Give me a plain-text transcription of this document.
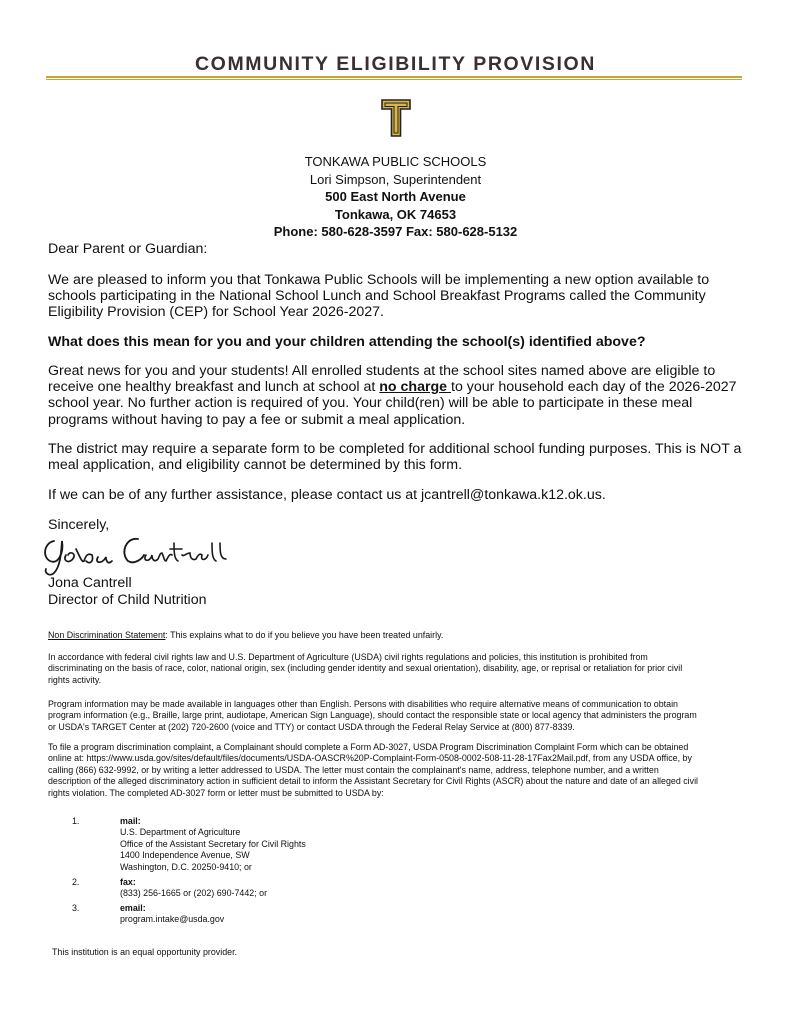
COMMUNITY ELIGIBILITY PROVISION
TONKAWA PUBLIC SCHOOLS
Lori Simpson, Superintendent
500 East North Avenue
Tonkawa, OK 74653
Phone: 580-628-3597 Fax: 580-628-5132
Dear Parent or Guardian:
We are pleased to inform you that Tonkawa Public Schools will be implementing a new option available to
schools participating in the National School Lunch and School Breakfast Programs called the Community
Eligibility Provision (CEP) for School Year 2026-2027.
What does this mean for you and your children attending the school(s) identified above?
Great news for you and your students! All enrolled students at the school sites named above are eligible to
receive one healthy breakfast and lunch at school at no charge to your household each day of the 2026-2027
school year. No further action is required of you. Your child(ren) will be able to participate in these meal
programs without having to pay a fee or submit a meal application.
The district may require a separate form to be completed for additional school funding purposes. This is NOT a
meal application, and eligibility cannot be determined by this form.
If we can be of any further assistance, please contact us at jcantrell@tonkawa.k12.ok.us.
Sincerely,
Jona Cantrell
Director of Child Nutrition
Non Discrimination Statement: This explains what to do if you believe you have been treated unfairly.
In accordance with federal civil rights law and U.S. Department of Agriculture (USDA) civil rights regulations and policies, this institution is prohibited from
discriminating on the basis of race, color, national origin, sex (including gender identity and sexual orientation), disability, age, or reprisal or retaliation for prior civil
rights activity.
Program information may be made available in languages other than English. Persons with disabilities who require alternative means of communication to obtain
program information (e.g., Braille, large print, audiotape, American Sign Language), should contact the responsible state or local agency that administers the program
or USDA's TARGET Center at (202) 720-2600 (voice and TTY) or contact USDA through the Federal Relay Service at (800) 877-8339.
To file a program discrimination complaint, a Complainant should complete a Form AD-3027, USDA Program Discrimination Complaint Form which can be obtained
online at: https://www.usda.gov/sites/default/files/documents/USDA-OASCR%20P-Complaint-Form-0508-0002-508-11-28-17Fax2Mail.pdf, from any USDA office, by
calling (866) 632-9992, or by writing a letter addressed to USDA. The letter must contain the complainant's name, address, telephone number, and a written
description of the alleged discriminatory action in sufficient detail to inform the Assistant Secretary for Civil Rights (ASCR) about the nature and date of an alleged civil
rights violation. The completed AD-3027 form or letter must be submitted to USDA by:
1.	mail:
U.S. Department of Agriculture
Office of the Assistant Secretary for Civil Rights
1400 Independence Avenue, SW
Washington, D.C. 20250-9410; or
2.	fax:
(833) 256-1665 or (202) 690-7442; or
3.	email:
program.intake@usda.gov
This institution is an equal opportunity provider.
